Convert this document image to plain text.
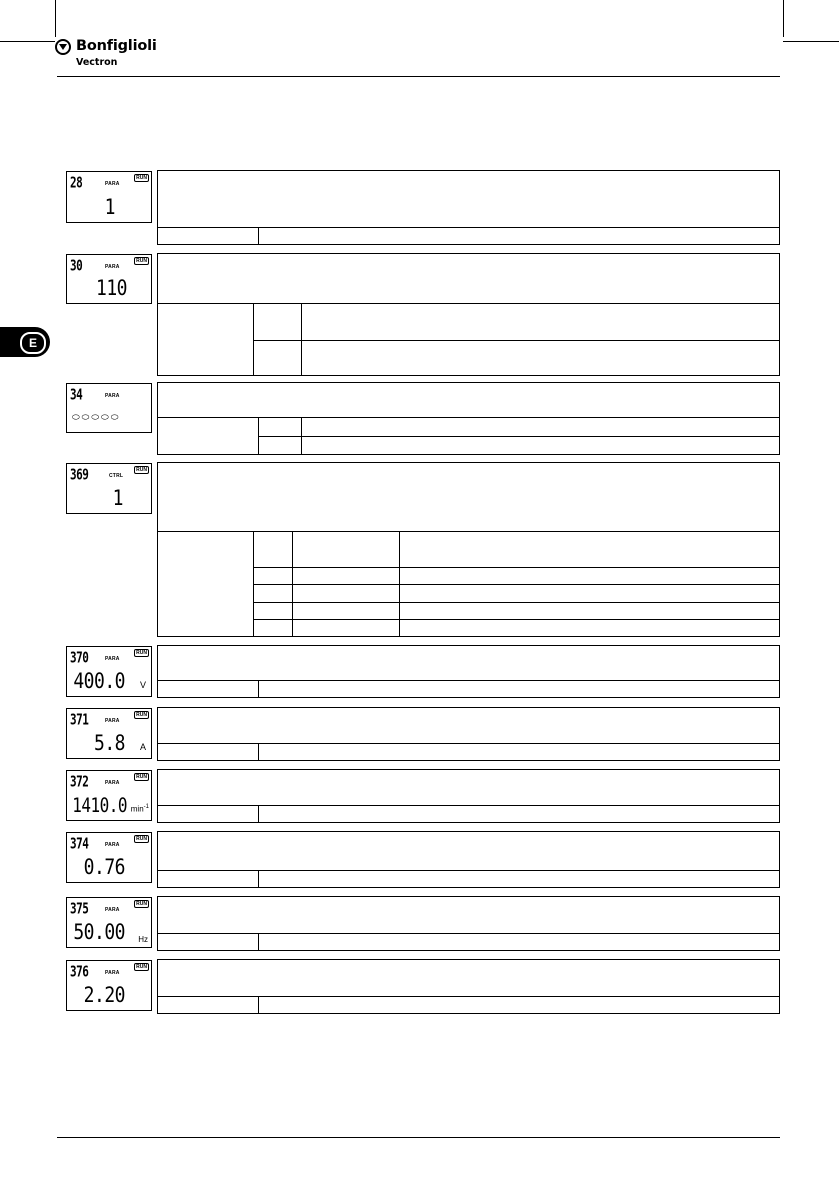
Bonfiglioli
Vectron
E
28	PARA
RUN
1
30	PARA
RUN
110
34	PARA
⬭⬭⬭⬭⬭
369	CTRL
RUN
1
370	PARA
RUN
400.0 V
371	PARA
RUN
5.8 A
372	PARA
RUN
1410.0 $\min^{-1}$
374	PARA
RUN
0.76
375	PARA
RUN
50.00 Hz
376	PARA
RUN
2.20
